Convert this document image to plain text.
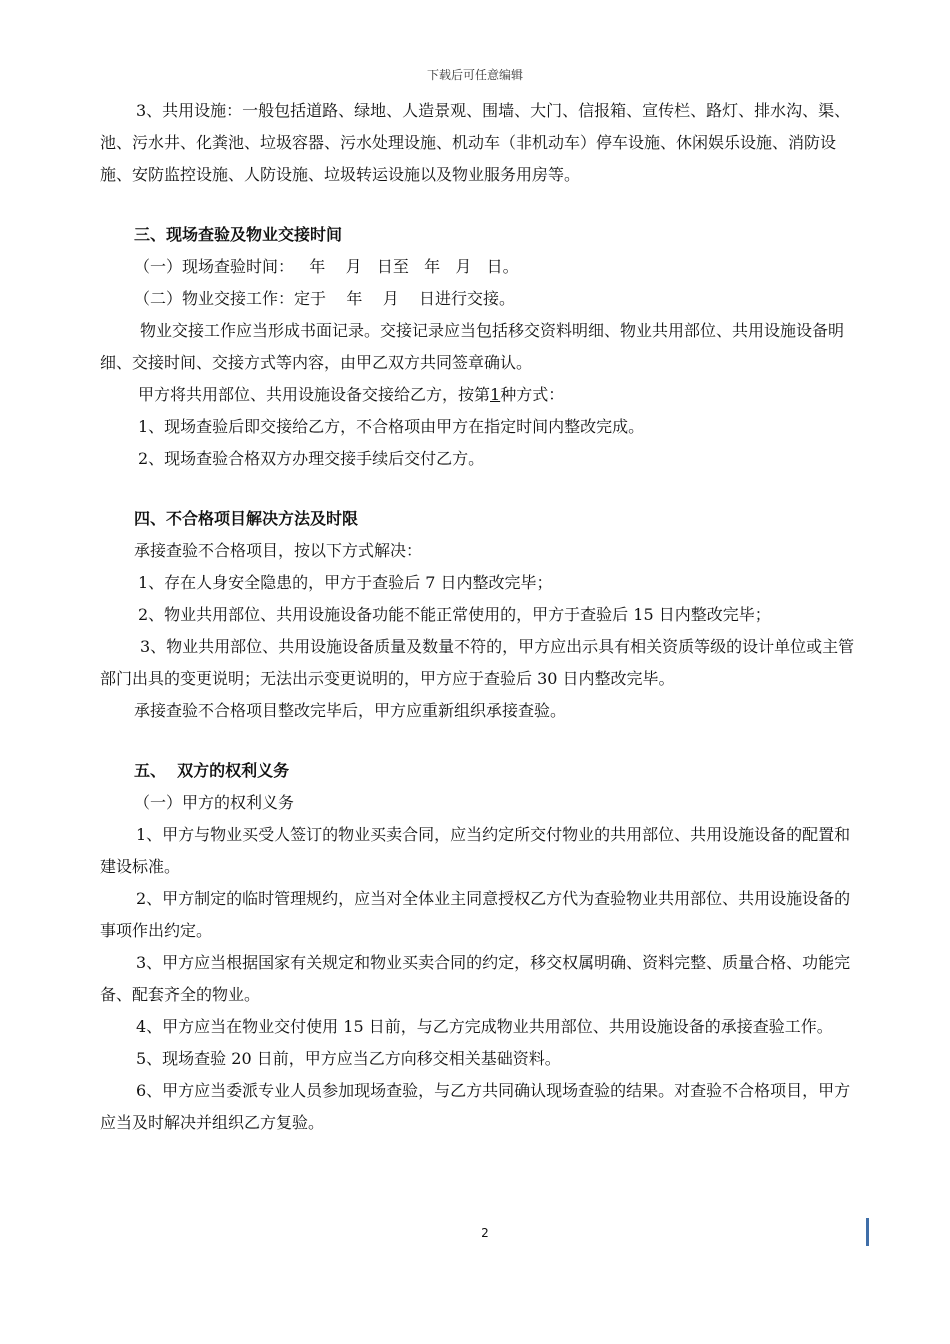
下载后可任意编辑

3、共用设施：一般包括道路、绿地、人造景观、围墙、大门、信报箱、宣传栏、路灯、排水沟、渠、池、污水井、化粪池、垃圾容器、污水处理设施、机动车（非机动车）停车设施、休闲娱乐设施、消防设施、安防监控设施、人防设施、垃圾转运设施以及物业服务用房等。

三、现场查验及物业交接时间

（一）现场查验时间：   年    月   日至   年   月   日。

（二）物业交接工作：定于    年    月    日进行交接。

物业交接工作应当形成书面记录。交接记录应当包括移交资料明细、物业共用部位、共用设施设备明细、交接时间、交接方式等内容，由甲乙双方共同签章确认。

甲方将共用部位、共用设施设备交接给乙方，按第1种方式：

1、现场查验后即交接给乙方，不合格项由甲方在指定时间内整改完成。

2、现场查验合格双方办理交接手续后交付乙方。

四、不合格项目解决方法及时限

承接查验不合格项目，按以下方式解决：

1、存在人身安全隐患的，甲方于查验后 7 日内整改完毕；

2、物业共用部位、共用设施设备功能不能正常使用的，甲方于查验后 15 日内整改完毕；

3、物业共用部位、共用设施设备质量及数量不符的，甲方应出示具有相关资质等级的设计单位或主管部门出具的变更说明；无法出示变更说明的，甲方应于查验后 30 日内整改完毕。

承接查验不合格项目整改完毕后，甲方应重新组织承接查验。

五、  双方的权利义务

（一）甲方的权利义务

1、甲方与物业买受人签订的物业买卖合同，应当约定所交付物业的共用部位、共用设施设备的配置和建设标准。

2、甲方制定的临时管理规约，应当对全体业主同意授权乙方代为查验物业共用部位、共用设施设备的事项作出约定。

3、甲方应当根据国家有关规定和物业买卖合同的约定，移交权属明确、资料完整、质量合格、功能完备、配套齐全的物业。

4、甲方应当在物业交付使用 15 日前，与乙方完成物业共用部位、共用设施设备的承接查验工作。

5、现场查验 20 日前，甲方应当乙方向移交相关基础资料。

6、甲方应当委派专业人员参加现场查验，与乙方共同确认现场查验的结果。对查验不合格项目，甲方应当及时解决并组织乙方复验。

2
